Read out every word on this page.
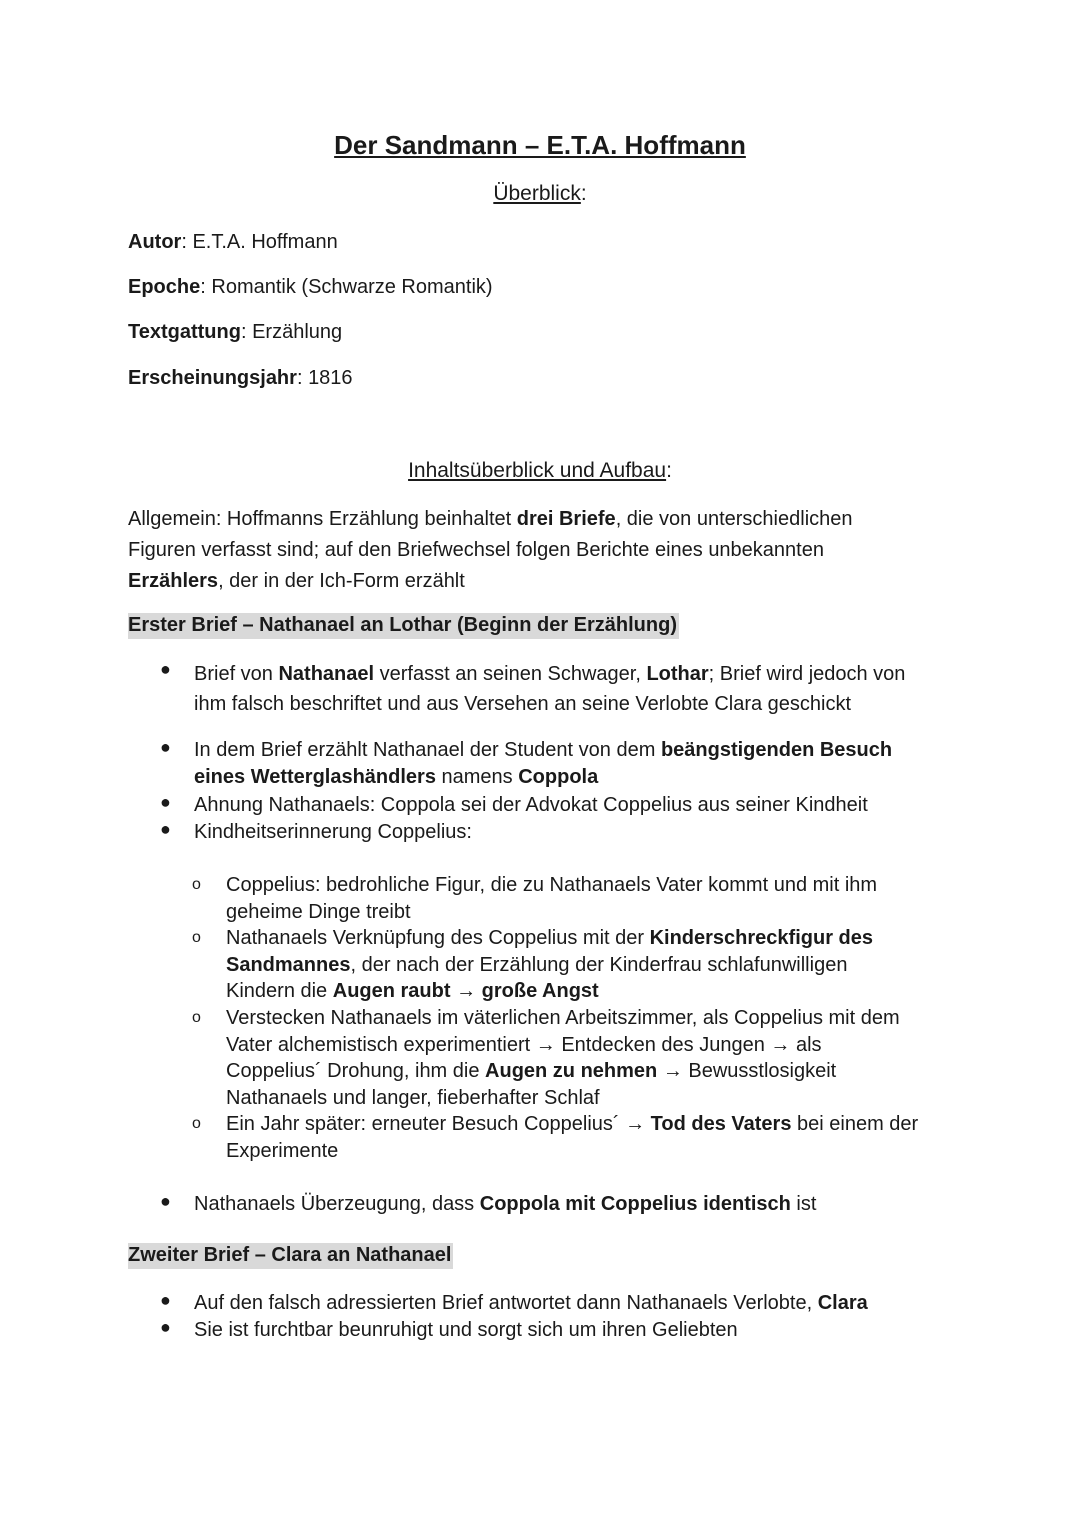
Der Sandmann – E.T.A. Hoffmann
Überblick:
Autor: E.T.A. Hoffmann
Epoche: Romantik (Schwarze Romantik)
Textgattung: Erzählung
Erscheinungsjahr: 1816
Inhaltsüberblick und Aufbau:
Allgemein: Hoffmanns Erzählung beinhaltet drei Briefe, die von unterschiedlichen
Figuren verfasst sind; auf den Briefwechsel folgen Berichte eines unbekannten
Erzählers, der in der Ich-Form erzählt
Erster Brief – Nathanael an Lothar (Beginn der Erzählung)
● Brief von Nathanael verfasst an seinen Schwager, Lothar; Brief wird jedoch von
ihm falsch beschriftet und aus Versehen an seine Verlobte Clara geschickt
● In dem Brief erzählt Nathanael der Student von dem beängstigenden Besuch
eines Wetterglashändlers namens Coppola
● Ahnung Nathanaels: Coppola sei der Advokat Coppelius aus seiner Kindheit
● Kindheitserinnerung Coppelius:
o Coppelius: bedrohliche Figur, die zu Nathanaels Vater kommt und mit ihm
geheime Dinge treibt
o Nathanaels Verknüpfung des Coppelius mit der Kinderschreckfigur des
Sandmannes, der nach der Erzählung der Kinderfrau schlafunwilligen
Kindern die Augen raubt → große Angst
o Verstecken Nathanaels im väterlichen Arbeitszimmer, als Coppelius mit dem
Vater alchemistisch experimentiert → Entdecken des Jungen → als
Coppelius´ Drohung, ihm die Augen zu nehmen → Bewusstlosigkeit
Nathanaels und langer, fieberhafter Schlaf
o Ein Jahr später: erneuter Besuch Coppelius´ → Tod des Vaters bei einem der
Experimente
● Nathanaels Überzeugung, dass Coppola mit Coppelius identisch ist
Zweiter Brief – Clara an Nathanael
● Auf den falsch adressierten Brief antwortet dann Nathanaels Verlobte, Clara
● Sie ist furchtbar beunruhigt und sorgt sich um ihren Geliebten
